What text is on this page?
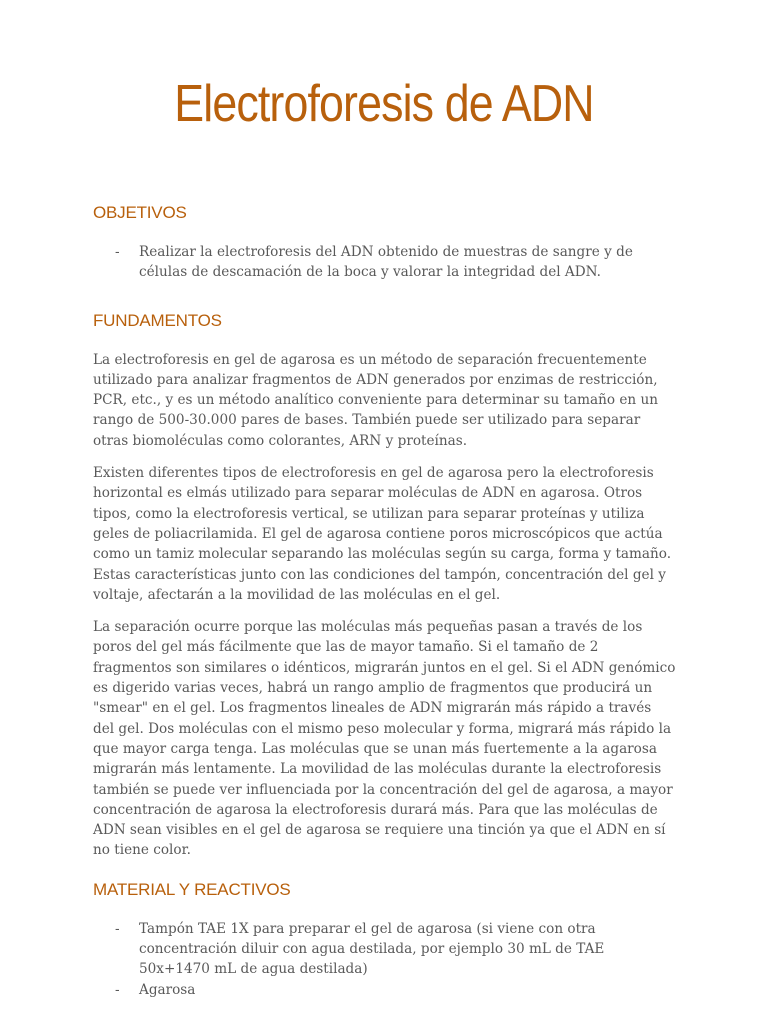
Electroforesis de ADN
OBJETIVOS
- Realizar la electroforesis del ADN obtenido de muestras de sangre y de células de descamación de la boca y valorar la integridad del ADN.
FUNDAMENTOS

La electroforesis en gel de agarosa es un método de separación frecuentemente utilizado para analizar fragmentos de ADN generados por enzimas de restricción, PCR, etc., y es un método analítico conveniente para determinar su tamaño en un rango de 500-30.000 pares de bases. También puede ser utilizado para separar otras biomoléculas como colorantes, ARN y proteínas.

Existen diferentes tipos de electroforesis en gel de agarosa pero la electroforesis horizontal es elmás utilizado para separar moléculas de ADN en agarosa. Otros tipos, como la electroforesis vertical, se utilizan para separar proteínas y utiliza geles de poliacrilamida. El gel de agarosa contiene poros microscópicos que actúa como un tamiz molecular separando las moléculas según su carga, forma y tamaño. Estas características junto con las condiciones del tampón, concentración del gel y voltaje, afectarán a la movilidad de las moléculas en el gel.

La separación ocurre porque las moléculas más pequeñas pasan a través de los poros del gel más fácilmente que las de mayor tamaño. Si el tamaño de 2 fragmentos son similares o idénticos, migrarán juntos en el gel. Si el ADN genómico es digerido varias veces, habrá un rango amplio de fragmentos que producirá un "smear" en el gel. Los fragmentos lineales de ADN migrarán más rápido a través del gel. Dos moléculas con el mismo peso molecular y forma, migrará más rápido la que mayor carga tenga. Las moléculas que se unan más fuertemente a la agarosa migrarán más lentamente. La movilidad de las moléculas durante la electroforesis también se puede ver influenciada por la concentración del gel de agarosa, a mayor concentración de agarosa la electroforesis durará más. Para que las moléculas de ADN sean visibles en el gel de agarosa se requiere una tinción ya que el ADN en sí no tiene color.

MATERIAL Y REACTIVOS
- Tampón TAE 1X para preparar el gel de agarosa (si viene con otra concentración diluir con agua destilada, por ejemplo 30 mL de TAE 50x+1470 mL de agua destilada)
- Agarosa
